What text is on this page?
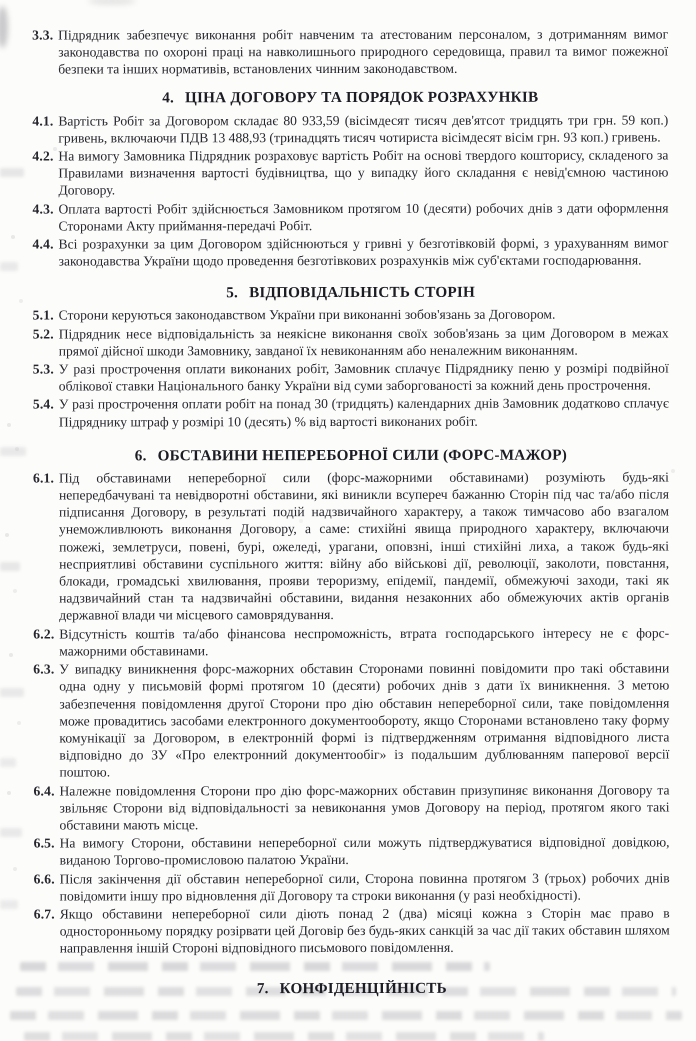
3.3. Підрядник забезпечує виконання робіт навченим та атестованим персоналом, з дотриманням вимог законодавства по охороні праці на навколишнього природного середовища, правил та вимог пожежної безпеки та інших нормативів, встановлених чинним законодавством.
4. ЦІНА ДОГОВОРУ ТА ПОРЯДОК РОЗРАХУНКІВ
4.1. Вартість Робіт за Договором складає 80 933,59 (вісімдесят тисяч дев'ятсот тридцять три грн. 59 коп.) гривень, включаючи ПДВ 13 488,93 (тринадцять тисяч чотириста вісімдесят вісім грн. 93 коп.) гривень.
4.2. На вимогу Замовника Підрядник розраховує вартість Робіт на основі твердого кошторису, складеного за Правилами визначення вартості будівництва, що у випадку його складання є невід'ємною частиною Договору.
4.3. Оплата вартості Робіт здійснюється Замовником протягом 10 (десяти) робочих днів з дати оформлення Сторонами Акту приймання-передачі Робіт.
4.4. Всі розрахунки за цим Договором здійснюються у гривні у безготівковій формі, з урахуванням вимог законодавства України щодо проведення безготівкових розрахунків між суб'єктами господарювання.
5. ВІДПОВІДАЛЬНІСТЬ СТОРІН
5.1. Сторони керуються законодавством України при виконанні зобов'язань за Договором.
5.2. Підрядник несе відповідальність за неякісне виконання своїх зобов'язань за цим Договором в межах прямої дійсної шкоди Замовнику, завданої їх невиконанням або неналежним виконанням.
5.3. У разі прострочення оплати виконаних робіт, Замовник сплачує Підряднику пеню у розмірі подвійної облікової ставки Національного банку України від суми заборгованості за кожний день прострочення.
5.4. У разі прострочення оплати робіт на понад 30 (тридцять) календарних днів Замовник додатково сплачує Підряднику штраф у розмірі 10 (десять) % від вартості виконаних робіт.
6. ОБСТАВИНИ НЕПЕРЕБОРНОЇ СИЛИ (ФОРС-МАЖОР)
6.1. Під обставинами непереборної сили (форс-мажорними обставинами) розуміють будь-які непередбачувані та невідворотні обставини, які виникли всупереч бажанню Сторін під час та/або після підписання Договору, в результаті подій надзвичайного характеру, а також тимчасово або взагалом унеможливлюють виконання Договору, а саме: стихійні явища природного характеру, включаючи пожежі, землетруси, повені, бурі, ожеледі, урагани, оповзні, інші стихійні лиха, а також будь-які несприятливі обставини суспільного життя: війну або військові дії, революції, заколоти, повстання, блокади, громадські хвилювання, прояви тероризму, епідемії, пандемії, обмежуючі заходи, такі як надзвичайний стан та надзвичайні обставини, видання незаконних або обмежуючих актів органів державної влади чи місцевого самоврядування.
6.2. Відсутність коштів та/або фінансова неспроможність, втрата господарського інтересу не є форс-мажорними обставинами.
6.3. У випадку виникнення форс-мажорних обставин Сторонами повинні повідомити про такі обставини одна одну у письмовій формі протягом 10 (десяти) робочих днів з дати їх виникнення. З метою забезпечення повідомлення другої Сторони про дію обставин непереборної сили, таке повідомлення може провадитись засобами електронного документообороту, якщо Сторонами встановлено таку форму комунікації за Договором, в електронній формі із підтвердженням отримання відповідного листа відповідно до ЗУ «Про електронний документообіг» із подальшим дублюванням паперової версії поштою.
6.4. Належне повідомлення Сторони про дію форс-мажорних обставин призупиняє виконання Договору та звільняє Сторони від відповідальності за невиконання умов Договору на період, протягом якого такі обставини мають місце.
6.5. На вимогу Сторони, обставини непереборної сили можуть підтверджуватися відповідної довідкою, виданою Торгово-промисловою палатою України.
6.6. Після закінчення дії обставин непереборної сили, Сторона повинна протягом 3 (трьох) робочих днів повідомити іншу про відновлення дії Договору та строки виконання (у разі необхідності).
6.7. Якщо обставини непереборної сили діють понад 2 (два) місяці кожна з Сторін має право в односторонньому порядку розірвати цей Договір без будь-яких санкцій за час дії таких обставин шляхом направлення іншій Стороні відповідного письмового повідомлення.
7. КОНФІДЕНЦІЙНІСТЬ
